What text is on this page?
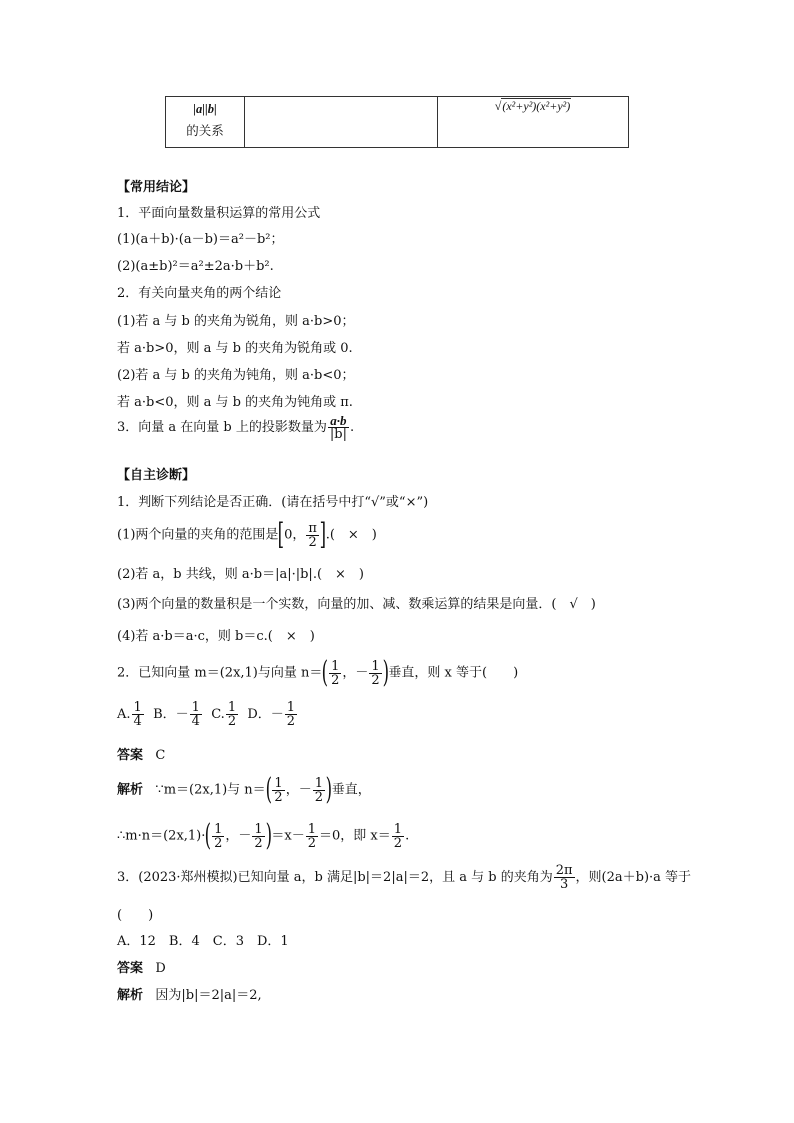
|a||b|
的关系
		√(x²+y²)(x²+y²)
【常用结论】
1．平面向量数量积运算的常用公式
(1)(a＋b)·(a－b)＝a²－b²；
(2)(a±b)²＝a²±2a·b＋b².
2．有关向量夹角的两个结论
(1)若 a 与 b 的夹角为锐角，则 a·b>0；
若 a·b>0，则 a 与 b 的夹角为锐角或 0.
(2)若 a 与 b 的夹角为钝角，则 a·b<0；
若 a·b<0，则 a 与 b 的夹角为钝角或 π.
3．向量 a 在向量 b 上的投影数量为 $\frac{a\cdot b}{|b|}$ .
【自主诊断】
1．判断下列结论是否正确．(请在括号中打“√”或“×”)
(1)两个向量的夹角的范围是[0， $\frac{\pi}{2}$ ].(　×　)
(2)若 a，b 共线，则 a·b＝|a|·|b|.(　×　)
(3)两个向量的数量积是一个实数，向量的加、减、数乘运算的结果是向量．(　√　)
(4)若 a·b＝a·c，则 b＝c.(　×　)
2．已知向量 m＝(2x,1)与向量 $n=( \frac{1}{2}$ ，－ $\frac{1}{2}$ )垂直，则 x 等于(　　)
A. $\frac{1}{4}$ B．－ $\frac{1}{4} C$. $\frac{1}{2}$ D．－ $\frac{1}{2}$
答案 C
解析 ∵m＝(2x,1)与 $n=( \frac{1}{2}$ ，－ $\frac{1}{2}$ )垂直，
∴m·n＝(2x,1)·( $\frac{1}{2}$ ，－ $\frac{1}{2} )=x- \frac{1}{2} =0$，即 $x= \frac{1}{2}$ .
3．(2023·郑州模拟)已知向量 a，b 满足|b|＝2|a|＝2，且 a 与 b 的夹角为 $\frac{2\pi}{3}$ ，则(2a＋b)·a 等于
(　　)
A．12　B．4　C．3　D．1
答案 D
解析 因为|b|＝2|a|＝2,
